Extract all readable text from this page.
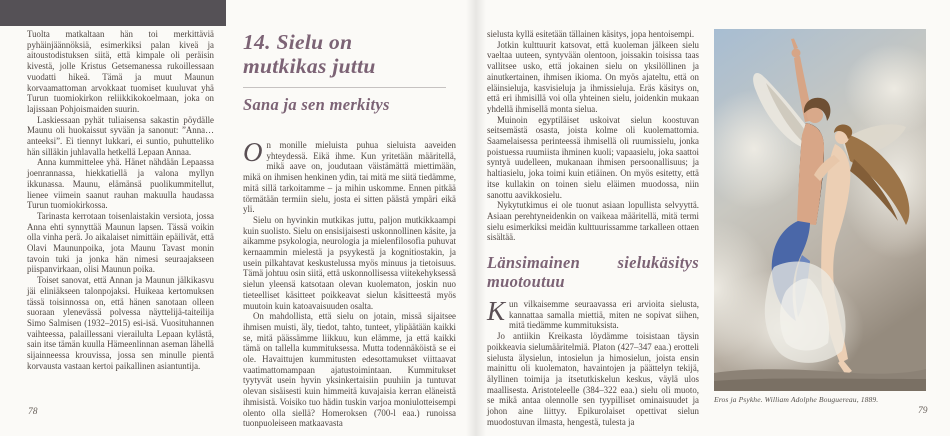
Tuolta matkaltaan hän toi merkittäviä pyhäinjäännöksiä, esimerkiksi palan kiveä ja aitoustodistuksen siitä, että kimpale oli peräisin kivestä, jolle Kristus Getsemanessa rukoillessaan vuodatti hikeä. Tämä ja muut Maunun korvaamattoman arvokkaat tuomiset kuuluvat yhä Turun tuomiokirkon reliikkikokoelmaan, joka on lajissaan Pohjoismaiden suurin.

Laskiessaan pyhät tuliaisensa sakastin pöydälle Maunu oli huokaissut syvään ja sanonut: ”Anna… anteeksi”. Ei tiennyt lukkari, ei suntio, puhutteliko hän silläkin juhlavalla hetkellä Lepaan Annaa.

Anna kummittelee yhä. Hänet nähdään Lepaassa joenrannassa, hiekkatiellä ja valona myllyn ikkunassa. Maunu, elämänsä puolikummitellut, lienee viimein saanut rauhan makuulla haudassa Turun tuomiokirkossa.

Tarinasta kerrotaan toisenlaistakin versiota, jossa Anna ehti synnyttää Maunun lapsen. Tässä voikin olla vinha perä. Jo aikalaiset nimittäin epäilivät, että Olavi Maununpoika, jota Maunu Tavast monin tavoin tuki ja jonka hän nimesi seuraajakseen piispanvirkaan, olisi Maunun poika.

Toiset sanovat, että Annan ja Maunun jälkikasvu jäi eliniäkseen talonpojaksi. Huikeaa kertomuksen tässä toisinnossa on, että hänen sanotaan olleen suoraan ylenevässä polvessa näyttelijä-taiteilija Simo Salmisen (1932–2015) esi-isä. Vuosituhannen vaihteessa, palaillessani vierailulta Lepaan kylästä, sain itse tämän kuulla Hämeenlinnan aseman lähellä sijainneessa krouvissa, jossa sen minulle pientä korvausta vastaan kertoi paikallinen asiantuntija.

14. Sielu on mutkikas juttu
Sana ja sen merkitys

On monille mieluista puhua sieluista aaveiden yhteydessä. Eikä ihme. Kun yritetään määritellä, mikä aave on, joudutaan väistämättä miettimään, mikä on ihmisen henkinen ydin, tai mitä me siitä tiedämme, mitä sillä tarkoitamme – ja mihin uskomme. Ennen pitkää törmätään termiin sielu, josta ei sitten päästä ympäri eikä yli.

Sielu on hyvinkin mutkikas juttu, paljon mutkikkaampi kuin suolisto. Sielu on ensisijaisesti uskonnollinen käsite, ja aikamme psykologia, neurologia ja mielenfilosofia puhuvat kernaammin mielestä ja psyykestä ja kognitiostakin, ja usein pilkahtavat keskustelussa myös minuus ja tietoisuus. Tämä johtuu osin siitä, että uskonnollisessa viitekehyksessä sielun yleensä katsotaan olevan kuolematon, joskin nuo tieteelliset käsitteet poikkeavat sielun käsitteestä myös muutoin kuin katoavaisuuden osalta.

On mahdollista, että sielu on jotain, missä sijaitsee ihmisen muisti, äly, tiedot, tahto, tunteet, ylipäätään kaikki se, mitä päässämme liikkuu, kun elämme, ja että kaikki tämä on tallella kummituksessa. Mutta todennäköistä se ei ole. Havaittujen kummitusten edesottamukset viittaavat vaatimattomampaan ajatustoimintaan. Kummitukset tyytyvät usein hyvin yksinkertaisiin puuhiin ja tuntuvat olevan sisäisesti kuin himmeitä kuvajaisia kerran eläneistä ihmisistä. Voisiko tuo hädin tuskin varjoa moniulotteisempi olento olla siellä? Homeroksen (700-l eaa.) runoissa tuonpuoleiseen matkaavasta

sielusta kyllä esitetään tällainen käsitys, jopa hentoisempi.

Jotkin kulttuurit katsovat, että kuoleman jälkeen sielu vaeltaa uuteen, syntyvään olentoon, joissakin toisissa taas vallitsee usko, että jokainen sielu on yksilöllinen ja ainutkertainen, ihmisen ikioma. On myös ajateltu, että on eläinsieluja, kasvisieluja ja ihmissieluja. Eräs käsitys on, että eri ihmisillä voi olla yhteinen sielu, joidenkin mukaan yhdellä ihmisellä monta sielua.

Muinoin egyptiläiset uskoivat sielun koostuvan seitsemästä osasta, joista kolme oli kuolemattomia. Saamelaisessa perinteessä ihmisellä oli ruumissielu, jonka poistuessa ruumiista ihminen kuoli; vapaasielu, joka saattoi syntyä uudelleen, mukanaan ihmisen persoonallisuus; ja haltiasielu, joka toimi kuin etiäinen. On myös esitetty, että itse kullakin on toinen sielu eläimen muodossa, niin sanottu aavikkosielu.

Nykytutkimus ei ole tuonut asiaan lopullista selvyyttä. Asiaan perehtyneidenkin on vaikeaa määritellä, mitä termi sielu esimerkiksi meidän kulttuurissamme tarkalleen ottaen sisältää.

Länsimainen sielukäsitys muotoutuu

Kun vilkaisemme seuraavassa eri arvioita sielusta, kannattaa samalla miettiä, miten ne sopivat siihen, mitä tiedämme kummituksista.

Jo antiikin Kreikasta löydämme toisistaan täysin poikkeavia sielumääritelmiä. Platon (427–347 eaa.) erotteli sielusta älysielun, intosielun ja himosielun, joista ensin mainittu oli kuolematon, havaintojen ja päättelyn tekijä, älyllinen toimija ja itsetutkiskelun keskus, väylä ulos maallisesta. Aristoteleelle (384–322 eaa.) sielu oli muoto, se mikä antaa olennolle sen tyypilliset ominaisuudet ja johon aine liittyy. Epikurolaiset opettivat sielun muodostuvan ilmasta, hengestä, tulesta ja

Eros ja Psykhe. William Adolphe Bouguereau, 1889.
78	79
